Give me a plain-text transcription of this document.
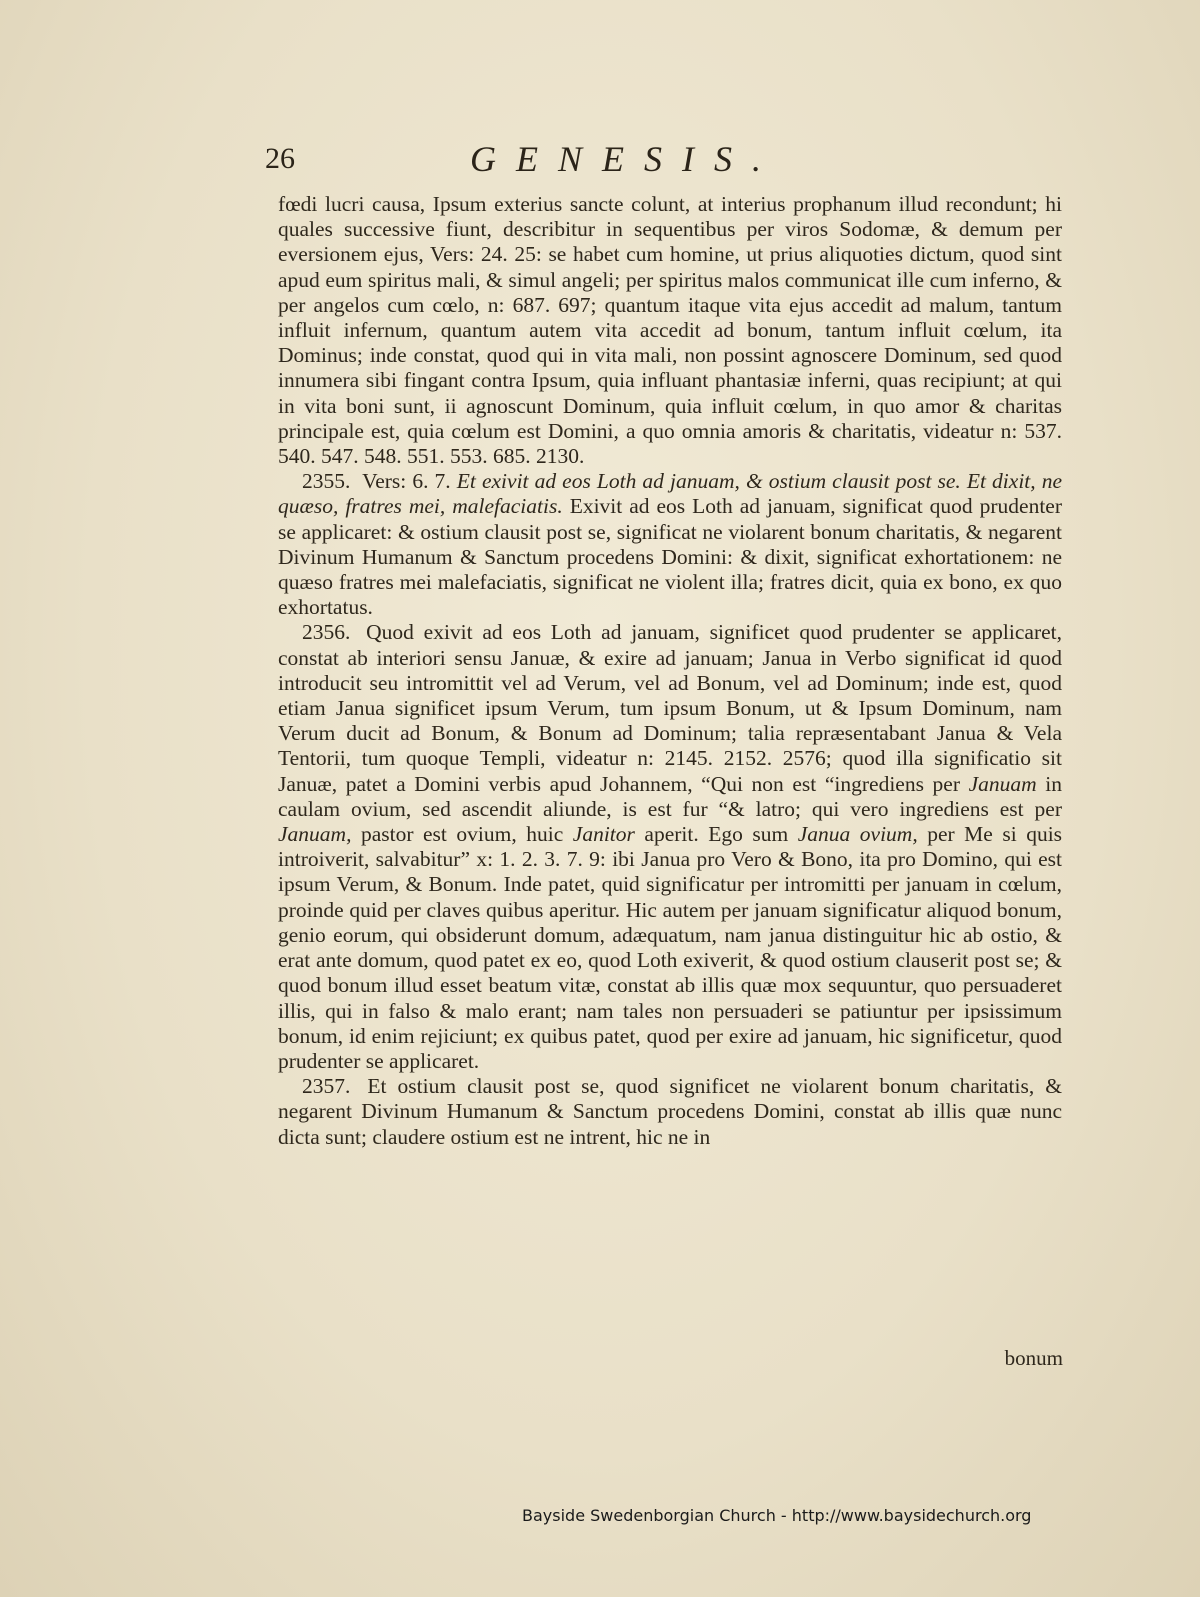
26	GENESIS.

fœdi lucri causa, Ipsum exterius sancte colunt, at interius prophanum illud recondunt; hi quales successive fiunt, describitur in sequentibus per viros Sodomæ, & demum per eversionem ejus, Vers: 24. 25: se habet cum homine, ut prius aliquoties dictum, quod sint apud eum spiritus mali, & simul angeli; per spiritus malos communicat ille cum inferno, & per angelos cum cœlo, n: 687. 697; quantum itaque vita ejus accedit ad malum, tantum influit infernum, quantum autem vita accedit ad bonum, tantum influit cœlum, ita Dominus; inde constat, quod qui in vita mali, non possint agnoscere Dominum, sed quod innumera sibi fingant contra Ipsum, quia influant phantasiæ inferni, quas recipiunt; at qui in vita boni sunt, ii agnoscunt Dominum, quia influit cœlum, in quo amor & charitas principale est, quia cœlum est Domini, a quo omnia amoris & charitatis, videatur n: 537. 540. 547. 548. 551. 553. 685. 2130.

2355. Vers: 6. 7. Et exivit ad eos Loth ad januam, & ostium clausit post se. Et dixit, ne quæso, fratres mei, malefaciatis. Exivit ad eos Loth ad januam, significat quod prudenter se applicaret: & ostium clausit post se, significat ne violarent bonum charitatis, & negarent Divinum Humanum & Sanctum procedens Domini: & dixit, significat exhortationem: ne quæso fratres mei malefaciatis, significat ne violent illa; fratres dicit, quia ex bono, ex quo exhortatus.

2356. Quod exivit ad eos Loth ad januam, significet quod prudenter se applicaret, constat ab interiori sensu Januæ, & exire ad januam; Janua in Verbo significat id quod introducit seu intromittit vel ad Verum, vel ad Bonum, vel ad Dominum; inde est, quod etiam Janua significet ipsum Verum, tum ipsum Bonum, ut & Ipsum Dominum, nam Verum ducit ad Bonum, & Bonum ad Dominum; talia repræsentabant Janua & Vela Tentorii, tum quoque Templi, videatur n: 2145. 2152. 2576; quod illa significatio sit Januæ, patet a Domini verbis apud Johannem, “Qui non est “ingrediens per Januam in caulam ovium, sed ascendit aliunde, is est fur “& latro; qui vero ingrediens est per Januam, pastor est ovium, huic Janitor aperit. Ego sum Janua ovium, per Me si quis introiverit, salvabitur” x: 1. 2. 3. 7. 9: ibi Janua pro Vero & Bono, ita pro Domino, qui est ipsum Verum, & Bonum. Inde patet, quid significatur per intromitti per januam in cœlum, proinde quid per claves quibus aperitur. Hic autem per januam significatur aliquod bonum, genio eorum, qui obsiderunt domum, adæquatum, nam janua distinguitur hic ab ostio, & erat ante domum, quod patet ex eo, quod Loth exiverit, & quod ostium clauserit post se; & quod bonum illud esset beatum vitæ, constat ab illis quæ mox sequuntur, quo persuaderet illis, qui in falso & malo erant; nam tales non persuaderi se patiuntur per ipsissimum bonum, id enim rejiciunt; ex quibus patet, quod per exire ad januam, hic significetur, quod prudenter se applicaret.

2357. Et ostium clausit post se, quod significet ne violarent bonum charitatis, & negarent Divinum Humanum & Sanctum procedens Domini, constat ab illis quæ nunc dicta sunt; claudere ostium est ne intrent, hic ne in

bonum
Bayside Swedenborgian Church - http://www.baysidechurch.org
